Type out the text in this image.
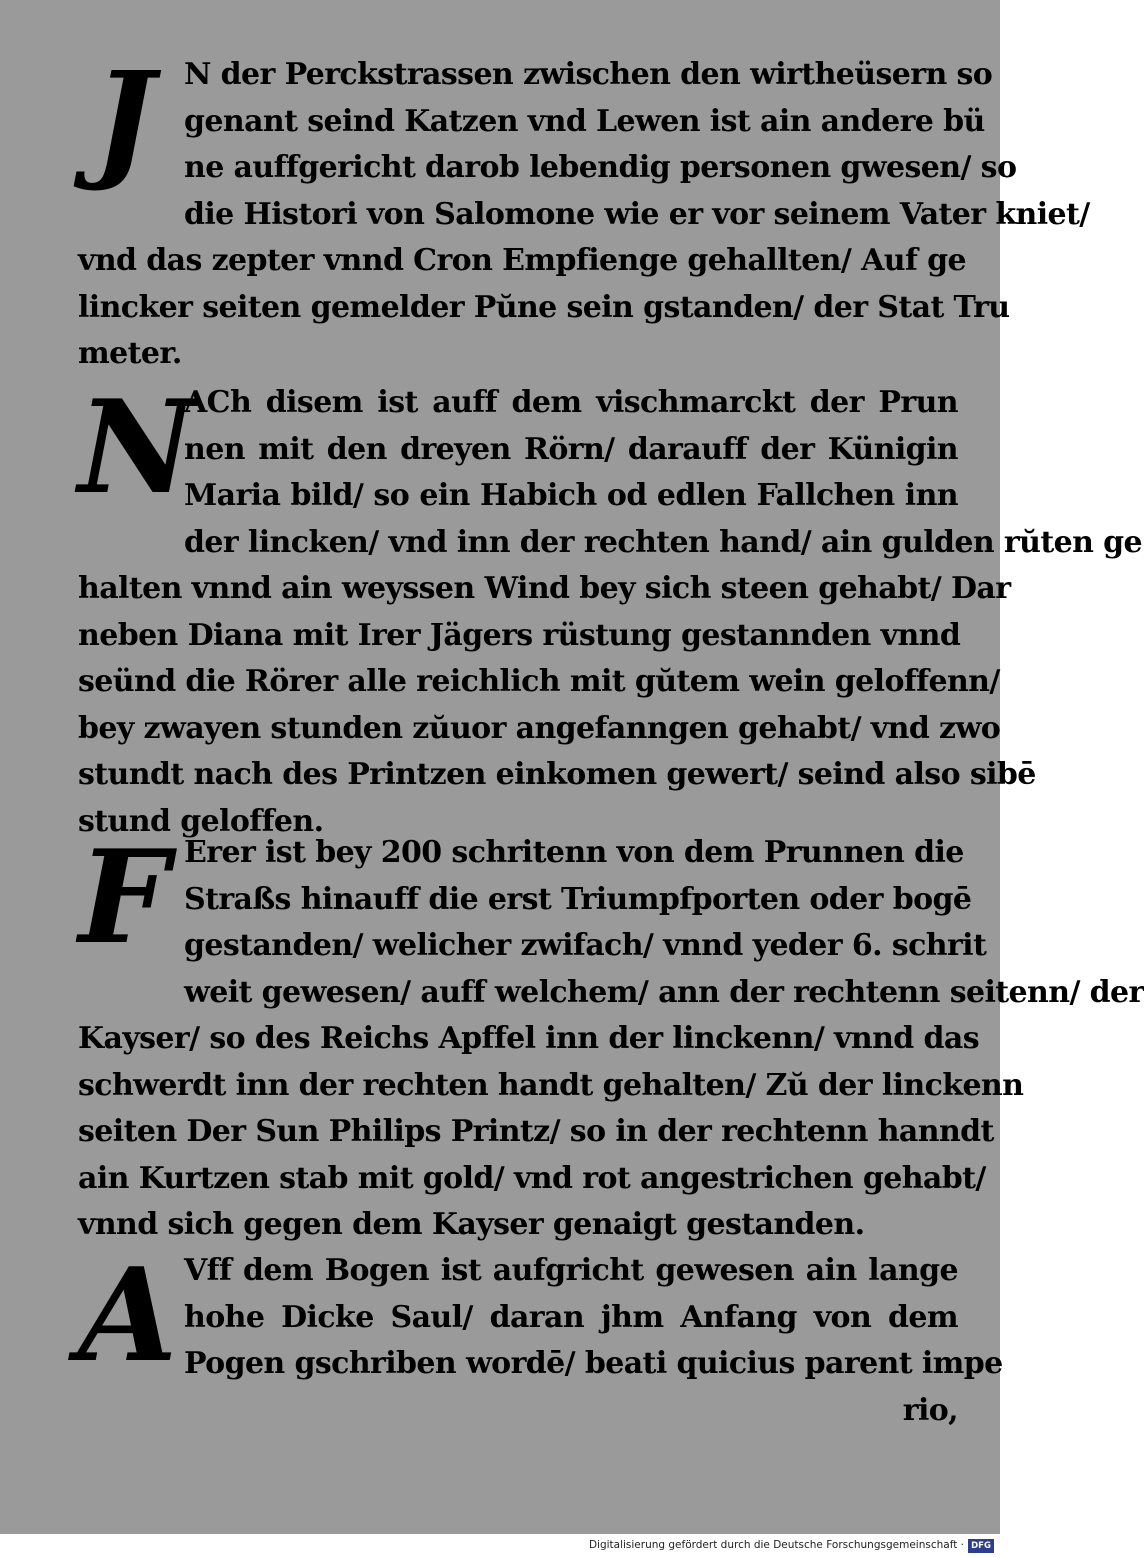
J N der Perckstrassen zwischen den wirtheüsern so
genant seind Katzen vnd Lewen ist ain andere bü
ne auffgericht darob lebendig personen gwesen/ so
die Histori von Salomone wie er vor seinem Vater kniet/
vnd das zepter vnnd Cron Empfienge gehallten/ Auf ge
lincker seiten gemelder Pŭne sein gstanden/ der Stat Tru
meter.
N
ACh disem ist auff dem vischmarckt der Prun
nen mit den dreyen Rörn/ darauff der Künigin
Maria bild/ so ein Habich od edlen Fallchen inn
der lincken/ vnd inn der rechten hand/ ain gulden rŭten ge
halten vnnd ain weyssen Wind bey sich steen gehabt/ Dar
neben Diana mit Irer Jägers rüstung gestannden vnnd
seünd die Rörer alle reichlich mit gŭtem wein geloffenn/
bey zwayen stunden zŭuor angefanngen gehabt/ vnd zwo
stundt nach des Printzen einkomen gewert/ seind also sibē
stund geloffen.
F Erer ist bey 200 schritenn von dem Prunnen die
Straßs hinauff die erst Triumpfporten oder bogē
gestanden/ welicher zwifach/ vnnd yeder 6. schrit
weit gewesen/ auff welchem/ ann der rechtenn seitenn/ der
Kayser/ so des Reichs Apffel inn der linckenn/ vnnd das
schwerdt inn der rechten handt gehalten/ Zŭ der linckenn
seiten Der Sun Philips Printz/ so in der rechtenn hanndt
ain Kurtzen stab mit gold/ vnd rot angestrichen gehabt/
vnnd sich gegen dem Kayser genaigt gestanden.
A Vff dem Bogen ist aufgricht gewesen ain lange
hohe Dicke Saul/ daran jhm Anfang von dem
Pogen gschriben wordē/ beati quicius parent impe
rio,
Digitalisierung gefördert durch die Deutsche Forschungsgemeinschaft · DFG
